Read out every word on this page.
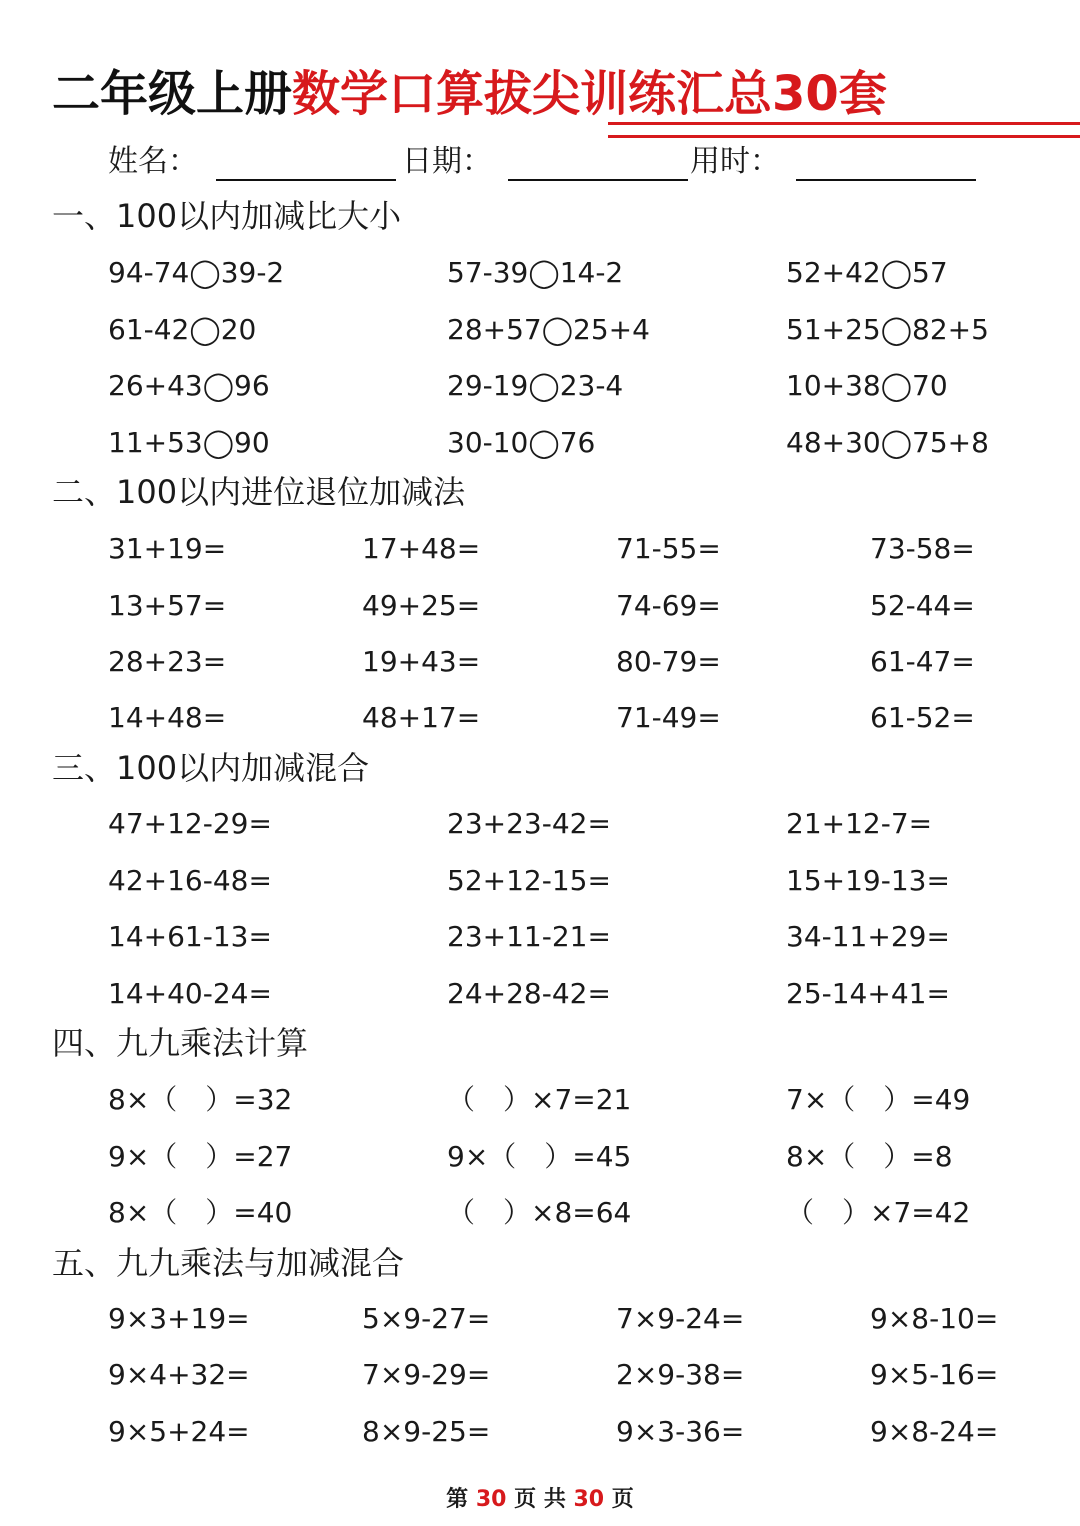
二年级上册数学口算拔尖训练汇总30套
姓名：	日期：	用时：
一、100以内加减比大小
94-74◯39-2	57-39◯14-2	52+42◯57
61-42◯20	28+57◯25+4	51+25◯82+5
26+43◯96	29-19◯23-4	10+38◯70
11+53◯90	30-10◯76	48+30◯75+8
二、100以内进位退位加减法
31+19=	17+48=	71-55=	73-58=
13+57=	49+25=	74-69=	52-44=
28+23=	19+43=	80-79=	61-47=
14+48=	48+17=	71-49=	61-52=
三、100以内加减混合
47+12-29=	23+23-42=	21+12-7=
42+16-48=	52+12-15=	15+19-13=
14+61-13=	23+11-21=	34-11+29=
14+40-24=	24+28-42=	25-14+41=
四、九九乘法计算
8×（　）=32	（　）×7=21	7×（　）=49
9×（　）=27	9×（　）=45	8×（　）=8
8×（　）=40	（　）×8=64	（　）×7=42
五、九九乘法与加减混合
9×3+19=	5×9-27=	7×9-24=	9×8-10=
9×4+32=	7×9-29=	2×9-38=	9×5-16=
9×5+24=	8×9-25=	9×3-36=	9×8-24=
第 30 页 共 30 页
